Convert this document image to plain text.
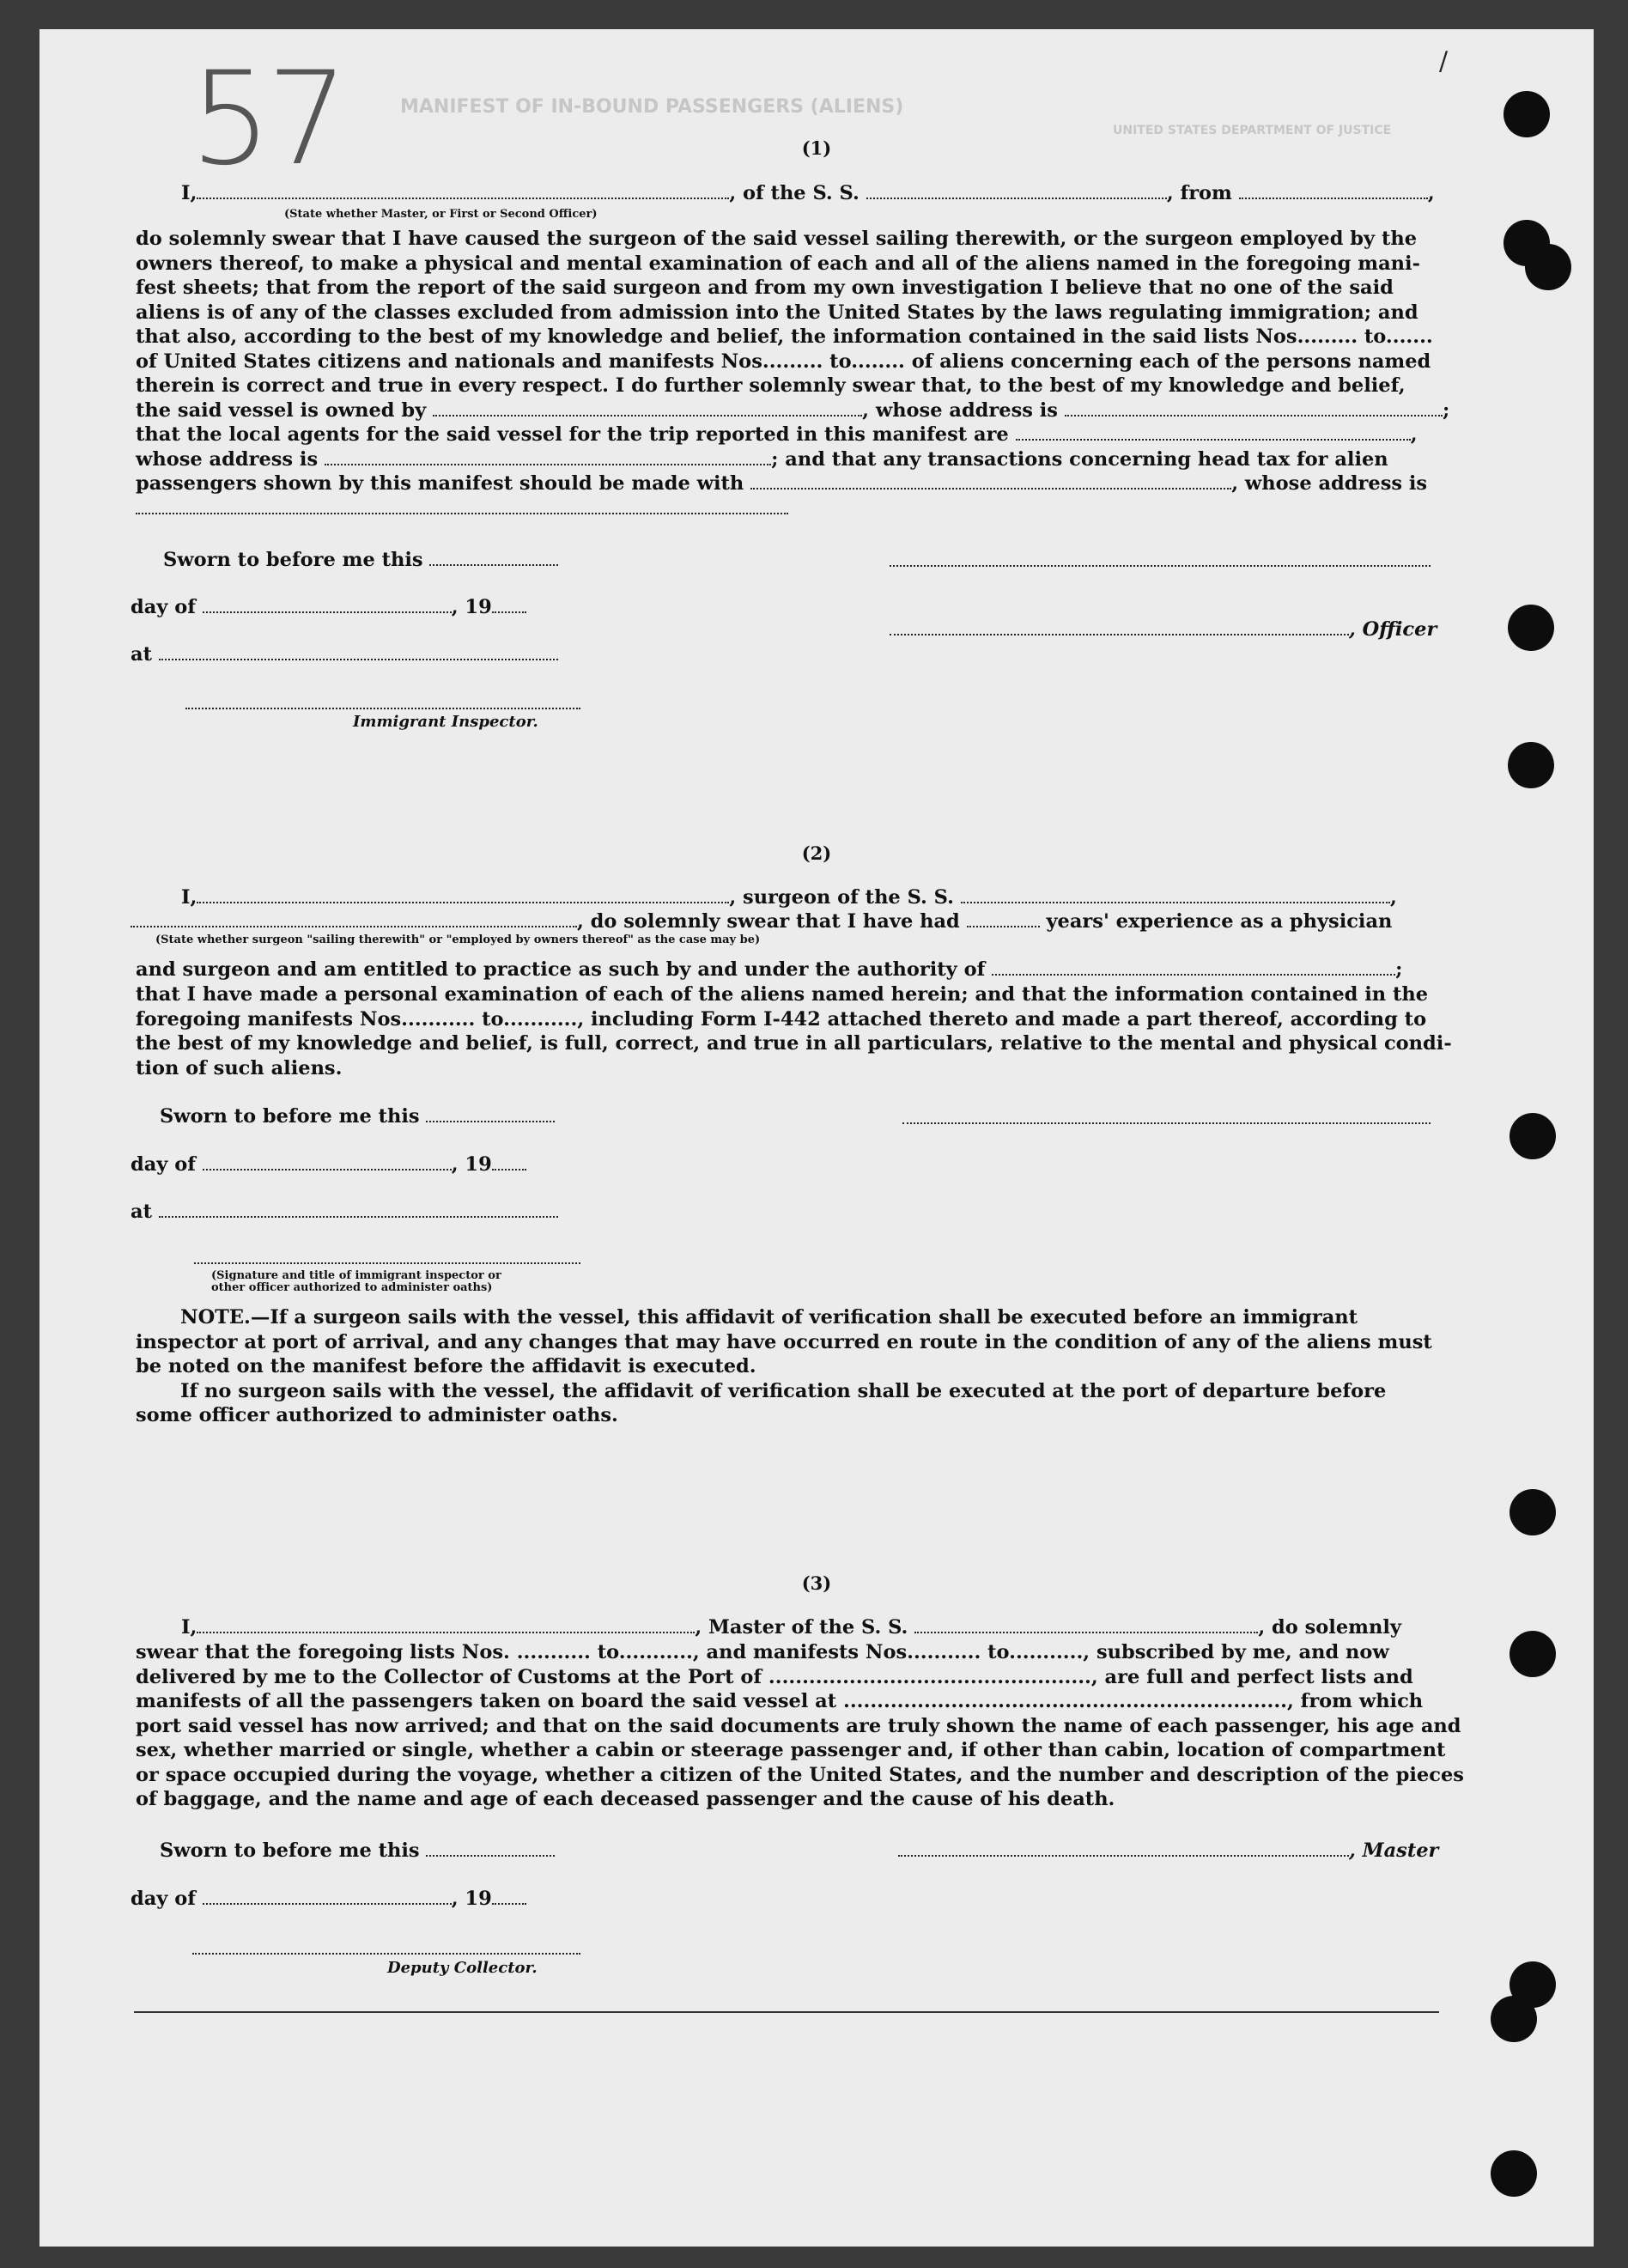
MANIFEST OF IN-BOUND PASSENGERS (ALIENS)
UNITED STATES DEPARTMENT OF JUSTICE
57	/
(1)
I,	, of the S. S.	, from	,
(State whether Master, or First or Second Officer)
do solemnly swear that I have caused the surgeon of the said vessel sailing therewith, or the surgeon employed by the
owners thereof, to make a physical and mental examination of each and all of the aliens named in the foregoing mani-
fest sheets; that from the report of the said surgeon and from my own investigation I believe that no one of the said
aliens is of any of the classes excluded from admission into the United States by the laws regulating immigration; and
that also, according to the best of my knowledge and belief, the information contained in the said lists Nos......... to.......
of United States citizens and nationals and manifests Nos......... to........ of aliens concerning each of the persons named
therein is correct and true in every respect. I do further solemnly swear that, to the best of my knowledge and belief,
the said vessel is owned by	, whose address is	;
that the local agents for the said vessel for the trip reported in this manifest are	,
whose address is	; and that any transactions concerning head tax for alien
passengers shown by this manifest should be made with	, whose address is
Sworn to before me this
day of	, 19
, Officer
at
Immigrant Inspector.
(2)
I,	, surgeon of the S. S.	,
, do solemnly swear that I have had	years' experience as a physician
(State whether surgeon "sailing therewith" or "employed by owners thereof" as the case may be)
and surgeon and am entitled to practice as such by and under the authority of	;
that I have made a personal examination of each of the aliens named herein; and that the information contained in the
foregoing manifests Nos........... to..........., including Form I-442 attached thereto and made a part thereof, according to
the best of my knowledge and belief, is full, correct, and true in all particulars, relative to the mental and physical condi-
tion of such aliens.
Sworn to before me this
day of	, 19
at
(Signature and title of immigrant inspector or
other officer authorized to administer oaths)
NOTE.—If a surgeon sails with the vessel, this affidavit of verification shall be executed before an immigrant
inspector at port of arrival, and any changes that may have occurred en route in the condition of any of the aliens must
be noted on the manifest before the affidavit is executed.
If no surgeon sails with the vessel, the affidavit of verification shall be executed at the port of departure before
some officer authorized to administer oaths.
(3)
I,	, Master of the S. S.	, do solemnly
swear that the foregoing lists Nos. ........... to..........., and manifests Nos........... to..........., subscribed by me, and now
delivered by me to the Collector of Customs at the Port of ................................................, are full and perfect lists and
manifests of all the passengers taken on board the said vessel at .................................................................., from which
port said vessel has now arrived; and that on the said documents are truly shown the name of each passenger, his age and
sex, whether married or single, whether a cabin or steerage passenger and, if other than cabin, location of compartment
or space occupied during the voyage, whether a citizen of the United States, and the number and description of the pieces
of baggage, and the name and age of each deceased passenger and the cause of his death.
Sworn to before me this	, Master
day of	, 19
Deputy Collector.
